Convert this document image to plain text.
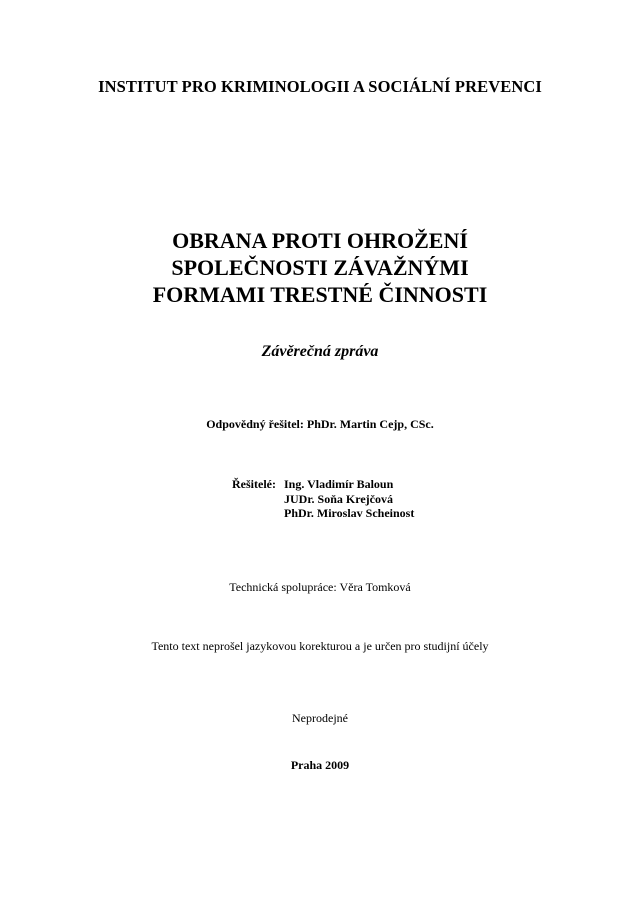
INSTITUT PRO KRIMINOLOGII A SOCIÁLNÍ PREVENCI
OBRANA PROTI OHROŽENÍ
SPOLEČNOSTI ZÁVAŽNÝMI
FORMAMI TRESTNÉ ČINNOSTI
Závěrečná zpráva
Odpovědný řešitel: PhDr. Martin Cejp, CSc.
Řešitelé: Ing. Vladimír Baloun
JUDr. Soňa Krejčová
PhDr. Miroslav Scheinost
Technická spolupráce: Věra Tomková
Tento text neprošel jazykovou korekturou a je určen pro studijní účely
Neprodejné
Praha 2009
